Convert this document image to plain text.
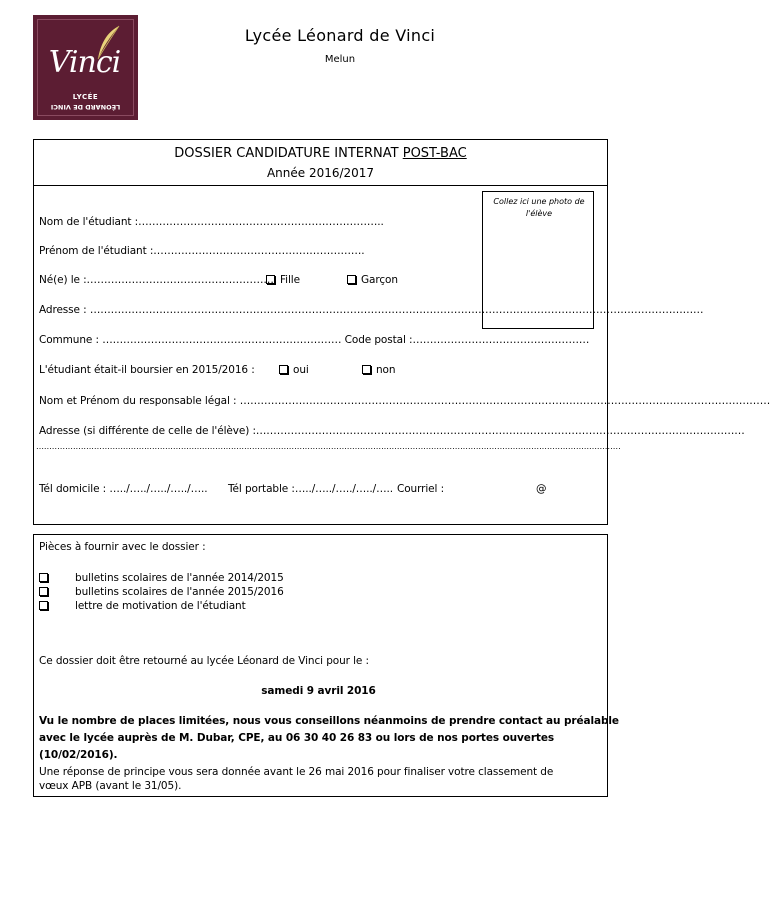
Vinci
LYCÉE
LÉONARD DE VINCI
Lycée Léonard de Vinci
Melun
DOSSIER CANDIDATURE INTERNAT POST-BAC
Année 2016/2017
Collez ici une photo de l'élève
Nom de l'étudiant :……………………………………………………………..
Prénom de l'étudiant :…………………………………………………….
Né(e) le :……………………………………………… Fille	Garçon
Adresse : ……………………………………………………………………………………………………………………………………………………………
Commune : …………………………………………………………… Code postal :……………………………………………
L'étudiant était-il boursier en 2015/2016 :	oui	non
Nom et Prénom du responsable légal : ………………………………………………………………………………………………………………………………………
Adresse (si différente de celle de l'élève) :……………………………………………………………………………………………………………………………
……………………………………………………………………………………………………………………………………………………………………………………………………
Tél domicile : …../…../…../…../….. Tél portable :…../…../…../…../….. Courriel :	@
Pièces à fournir avec le dossier :
bulletins scolaires de l'année 2014/2015
bulletins scolaires de l'année 2015/2016
lettre de motivation de l'étudiant
Ce dossier doit être retourné au lycée Léonard de Vinci pour le :
samedi 9 avril 2016
Vu le nombre de places limitées, nous vous conseillons néanmoins de prendre contact au préalable
avec le lycée auprès de M. Dubar, CPE, au 06 30 40 26 83 ou lors de nos portes ouvertes
(10/02/2016).
Une réponse de principe vous sera donnée avant le 26 mai 2016 pour finaliser votre classement de
vœux APB (avant le 31/05).
